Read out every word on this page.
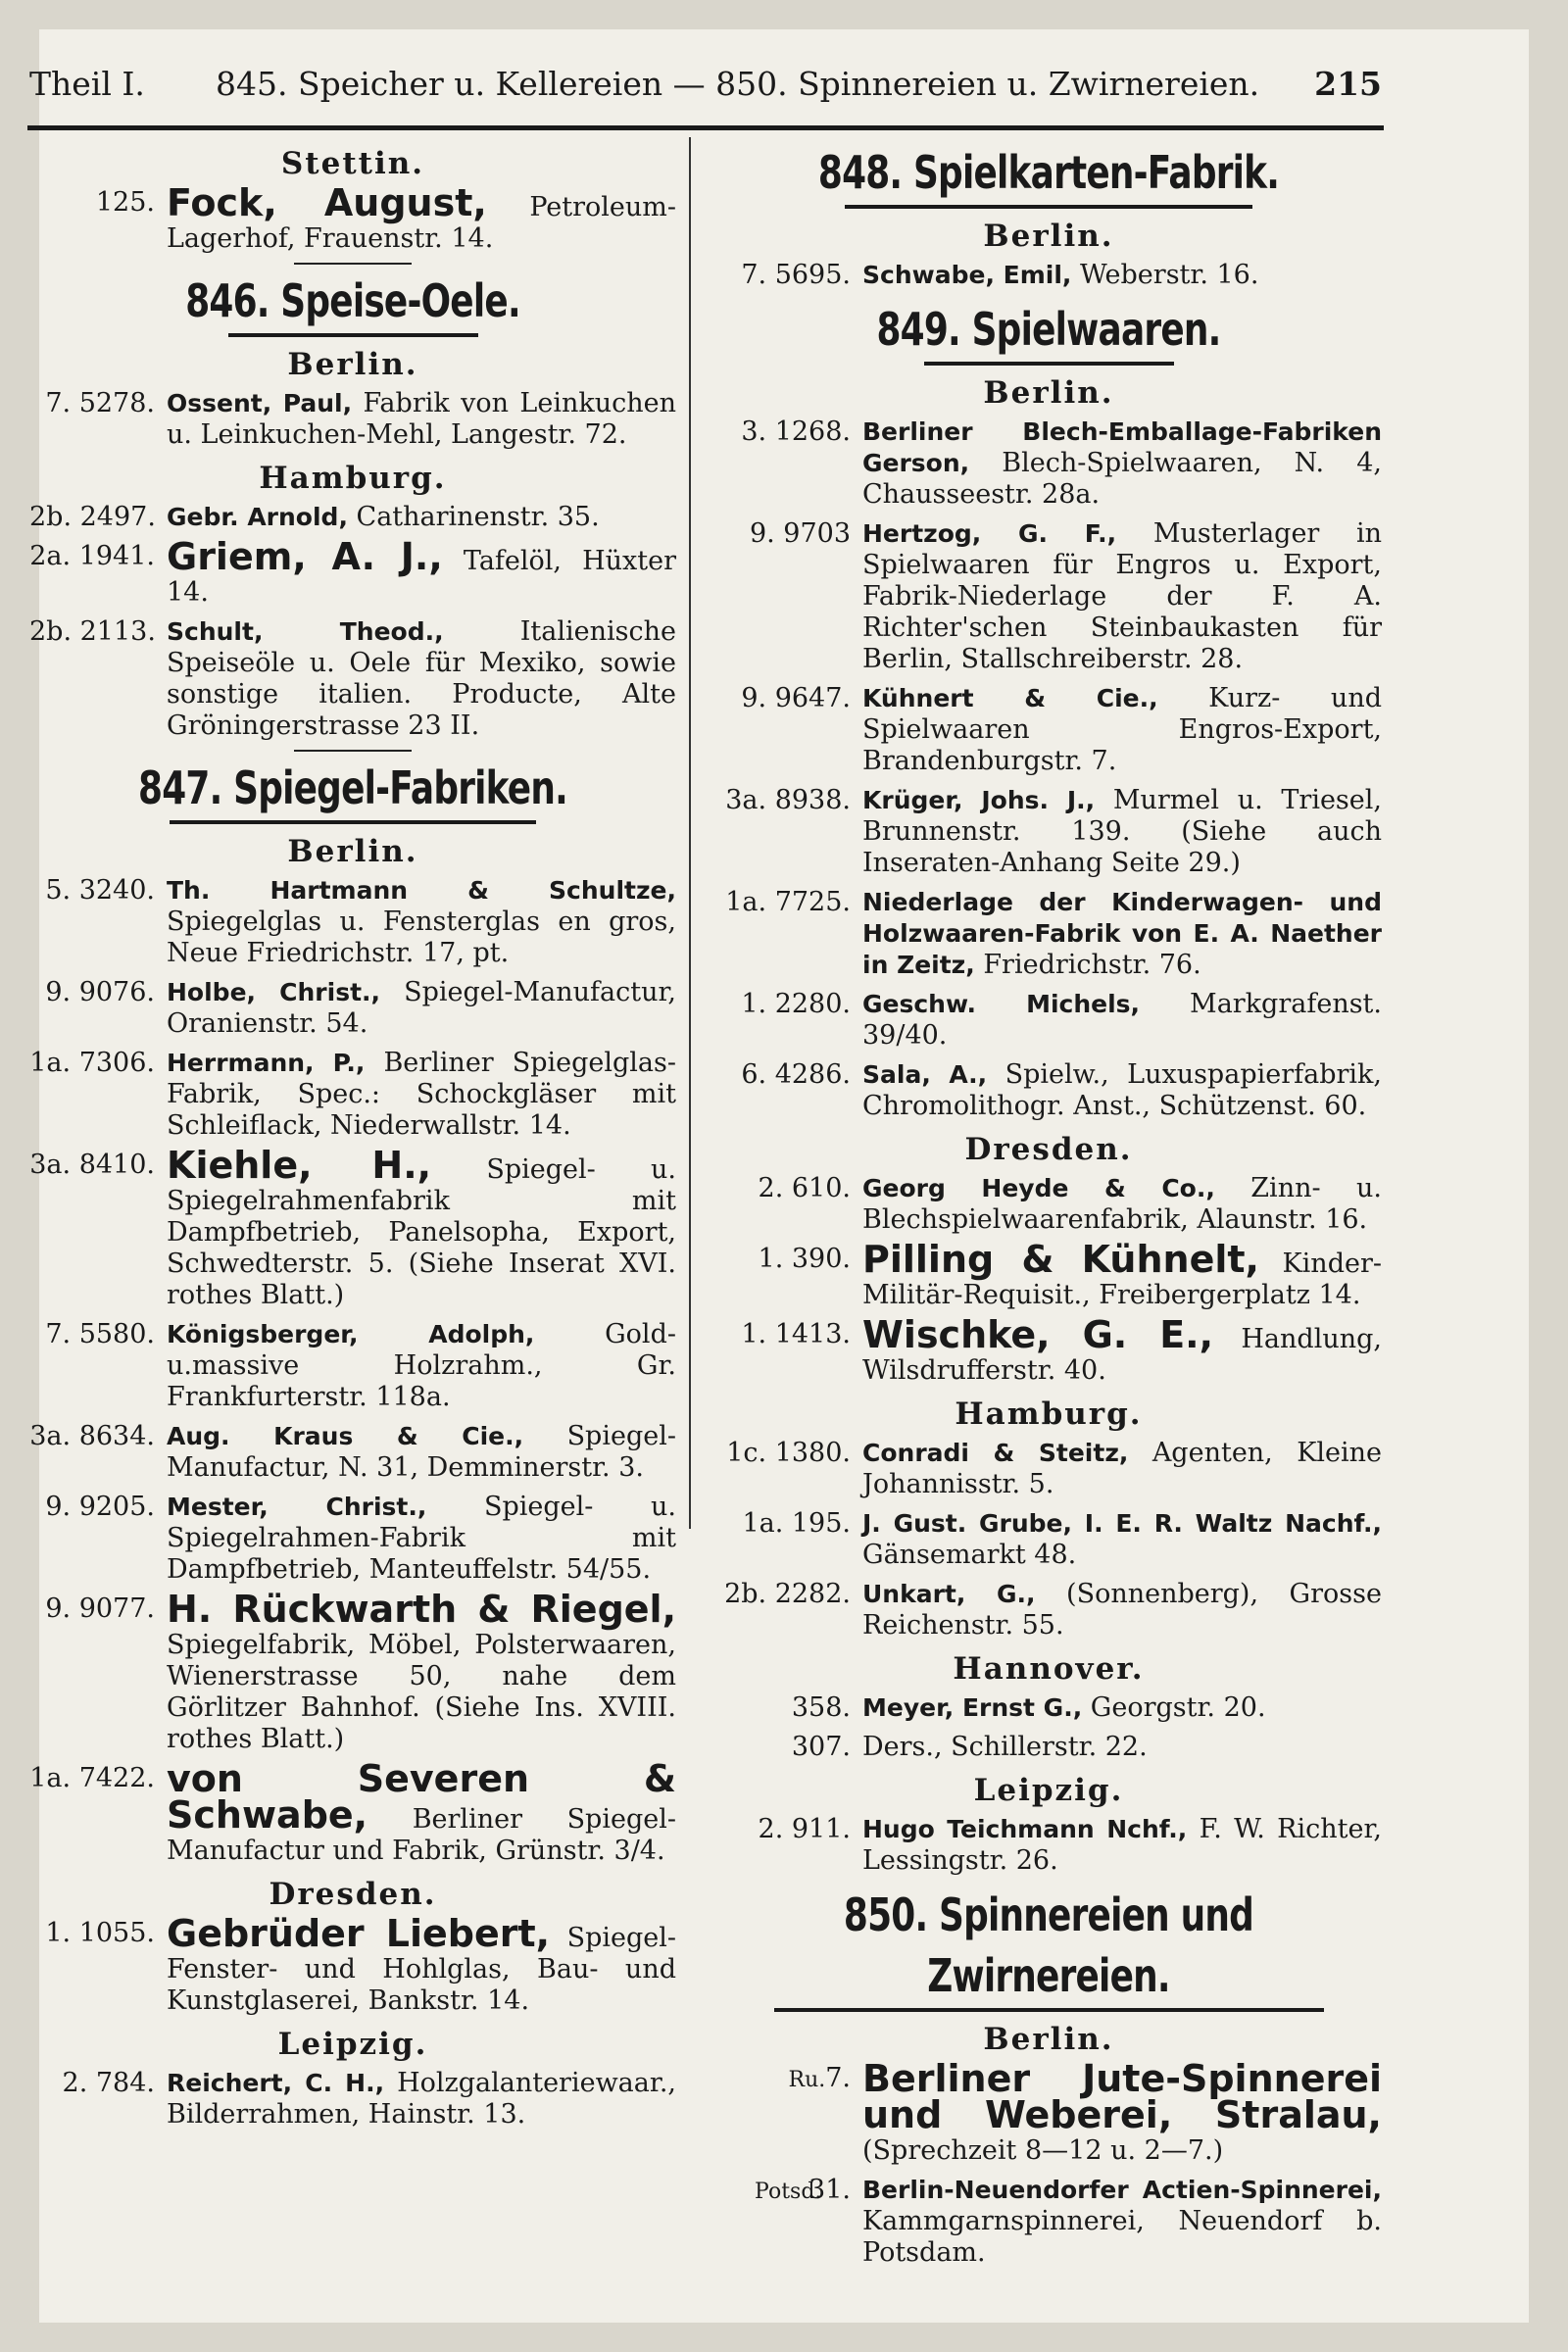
Theil I. 845. Speicher u. Kellereien — 850. Spinnereien u. Zwirnereien. 215
Stettin.
125. Fock, August, Petroleum-Lagerhof, Frauenstr. 14.
846. Speise-Oele.
Berlin.
7. 5278. Ossent, Paul, Fabrik von Leinkuchen u. Leinkuchen-Mehl, Langestr. 72.
Hamburg.
2b. 2497. Gebr. Arnold, Catharinenstr. 35.
2a. 1941. Griem, A. J., Tafelöl, Hüxter 14.
2b. 2113. Schult, Theod.,	Italienische Speiseöle u. Oele für Mexiko, sowie sonstige italien. Producte, Alte Gröningerstrasse 23 II.
847. Spiegel-Fabriken.
Berlin.
5. 3240. Th. Hartmann & Schultze, Spiegelglas u. Fensterglas en gros, Neue Friedrichstr. 17, pt.
9. 9076. Holbe, Christ., Spiegel-Manufactur, Oranienstr. 54.
1a. 7306. Herrmann, P., Berliner Spiegelglas-Fabrik, Spec.: Schockgläser mit Schleiflack, Niederwallstr. 14.
3a. 8410. Kiehle, H., Spiegel- u. Spiegelrahmenfabrik mit Dampfbetrieb, Panelsopha, Export, Schwedterstr. 5. (Siehe Inserat XVI. rothes Blatt.)
7. 5580. Königsberger, Adolph,	Gold-u.massive Holzrahm., Gr. Frankfurterstr. 118a.
3a. 8634. Aug. Kraus & Cie., Spiegel-Manufactur, N. 31, Demminerstr. 3.
9. 9205. Mester, Christ., Spiegel- u. Spiegelrahmen-Fabrik mit Dampfbetrieb, Manteuffelstr. 54/55.
9. 9077. H. Rückwarth & Riegel, Spiegelfabrik, Möbel, Polsterwaaren, Wienerstrasse 50, nahe dem Görlitzer Bahnhof. (Siehe Ins. XVIII. rothes Blatt.)
1a. 7422. von Severen & Schwabe, Berliner Spiegel-Manufactur und Fabrik, Grünstr. 3/4.
Dresden.
1. 1055. Gebrüder Liebert, Spiegel-Fenster- und Hohlglas, Bau- und Kunstglaserei, Bankstr. 14.
Leipzig.
2. 784. Reichert, C. H., Holzgalanteriewaar., Bilderrahmen, Hainstr. 13.
848. Spielkarten-Fabrik.
Berlin.
7. 5695. Schwabe, Emil, Weberstr. 16.
849. Spielwaaren.
Berlin.
3. 1268. Berliner Blech-Emballage-Fabriken Gerson, Blech-Spielwaaren, N. 4, Chausseestr. 28a.
9. 9703 Hertzog, G. F., Musterlager in Spielwaaren für Engros u. Export, Fabrik-Niederlage der F. A. Richter'schen Steinbaukasten für Berlin, Stallschreiberstr. 28.
9. 9647. Kühnert & Cie., Kurz- und Spielwaaren Engros-Export, Brandenburgstr. 7.
3a. 8938. Krüger, Johs. J., Murmel u. Triesel, Brunnenstr. 139. (Siehe auch Inseraten-Anhang Seite 29.)
1a. 7725. Niederlage der Kinderwagen- und Holzwaaren-Fabrik von E. A. Naether in Zeitz, Friedrichstr. 76.
1. 2280. Geschw. Michels, Markgrafenst. 39/40.
6. 4286. Sala, A., Spielw., Luxuspapierfabrik, Chromolithogr. Anst., Schützenst. 60.
Dresden.
2. 610. Georg Heyde & Co., Zinn- u. Blechspielwaarenfabrik, Alaunstr. 16.
1. 390. Pilling & Kühnelt, Kinder-Militär-Requisit., Freibergerplatz 14.
1. 1413. Wischke, G. E., Handlung, Wilsdrufferstr. 40.
Hamburg.
1c. 1380. Conradi & Steitz, Agenten, Kleine Johannisstr. 5.
1a. 195. J. Gust. Grube, I. E. R. Waltz Nachf., Gänsemarkt 48.
2b. 2282. Unkart, G., (Sonnenberg), Grosse Reichenstr. 55.
Hannover.
358. Meyer, Ernst G., Georgstr. 20.
307. Ders., Schillerstr. 22.
Leipzig.
2. 911. Hugo Teichmann Nchf., F. W. Richter, Lessingstr. 26.
850. Spinnereien und Zwirnereien.
Berlin.
Ru.7. Berliner Jute-Spinnerei und Weberei, Stralau, (Sprechzeit 8—12 u. 2—7.)
Potsd.31. Berlin-Neuendorfer Actien-Spinnerei, Kammgarnspinnerei, Neuendorf b. Potsdam.
